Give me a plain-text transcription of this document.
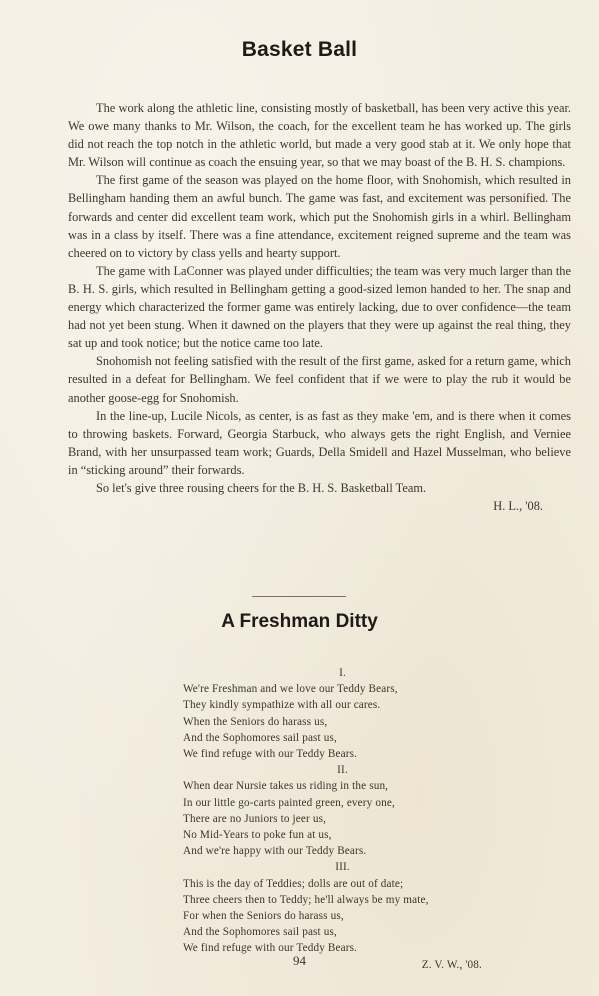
Basket Ball

The work along the athletic line, consisting mostly of basketball, has been very active this year. We owe many thanks to Mr. Wilson, the coach, for the excellent team he has worked up. The girls did not reach the top notch in the athletic world, but made a very good stab at it. We only hope that Mr. Wilson will continue as coach the ensuing year, so that we may boast of the B. H. S. champions.

The first game of the season was played on the home floor, with Snohomish, which resulted in Bellingham handing them an awful bunch. The game was fast, and excitement was personified. The forwards and center did excellent team work, which put the Snohomish girls in a whirl. Bellingham was in a class by itself. There was a fine attendance, excitement reigned supreme and the team was cheered on to victory by class yells and hearty support.

The game with LaConner was played under difficulties; the team was very much larger than the B. H. S. girls, which resulted in Bellingham getting a good-sized lemon handed to her. The snap and energy which characterized the former game was entirely lacking, due to over confidence—the team had not yet been stung. When it dawned on the players that they were up against the real thing, they sat up and took notice; but the notice came too late.

Snohomish not feeling satisfied with the result of the first game, asked for a return game, which resulted in a defeat for Bellingham. We feel confident that if we were to play the rub it would be another goose-egg for Snohomish.

In the line-up, Lucile Nicols, as center, is as fast as they make 'em, and is there when it comes to throwing baskets. Forward, Georgia Starbuck, who always gets the right English, and Verniee Brand, with her unsurpassed team work; Guards, Della Smidell and Hazel Musselman, who believe in “sticking around” their forwards.

So let's give three rousing cheers for the B. H. S. Basketball Team.

H. L., '08.

A Freshman Ditty
I.
We're Freshman and we love our Teddy Bears,
They kindly sympathize with all our cares.
When the Seniors do harass us,
And the Sophomores sail past us,
We find refuge with our Teddy Bears.
II.
When dear Nursie takes us riding in the sun,
In our little go-carts painted green, every one,
There are no Juniors to jeer us,
No Mid-Years to poke fun at us,
And we're happy with our Teddy Bears.
III.
This is the day of Teddies; dolls are out of date;
Three cheers then to Teddy; he'll always be my mate,
For when the Seniors do harass us,
And the Sophomores sail past us,
We find refuge with our Teddy Bears.
Z. V. W., '08.
94
